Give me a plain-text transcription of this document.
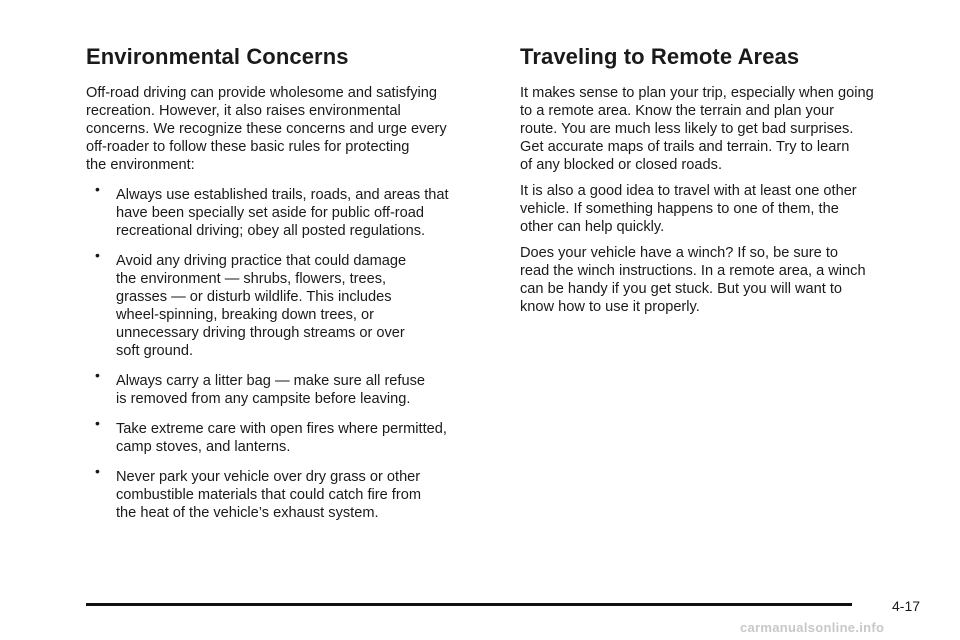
Environmental Concerns

Off-road driving can provide wholesome and satisfying
recreation. However, it also raises environmental
concerns. We recognize these concerns and urge every
off-roader to follow these basic rules for protecting
the environment:

• Always use established trails, roads, and areas that
have been specially set aside for public off-road
recreational driving; obey all posted regulations.
• Avoid any driving practice that could damage
the environment — shrubs, flowers, trees,
grasses — or disturb wildlife. This includes
wheel-spinning, breaking down trees, or
unnecessary driving through streams or over
soft ground.
• Always carry a litter bag — make sure all refuse
is removed from any campsite before leaving.
• Take extreme care with open fires where permitted,
camp stoves, and lanterns.
• Never park your vehicle over dry grass or other
combustible materials that could catch fire from
the heat of the vehicle’s exhaust system.
Traveling to Remote Areas

It makes sense to plan your trip, especially when going
to a remote area. Know the terrain and plan your
route. You are much less likely to get bad surprises.
Get accurate maps of trails and terrain. Try to learn
of any blocked or closed roads.

It is also a good idea to travel with at least one other
vehicle. If something happens to one of them, the
other can help quickly.

Does your vehicle have a winch? If so, be sure to
read the winch instructions. In a remote area, a winch
can be handy if you get stuck. But you will want to
know how to use it properly.

4-17
carmanualsonline.info
